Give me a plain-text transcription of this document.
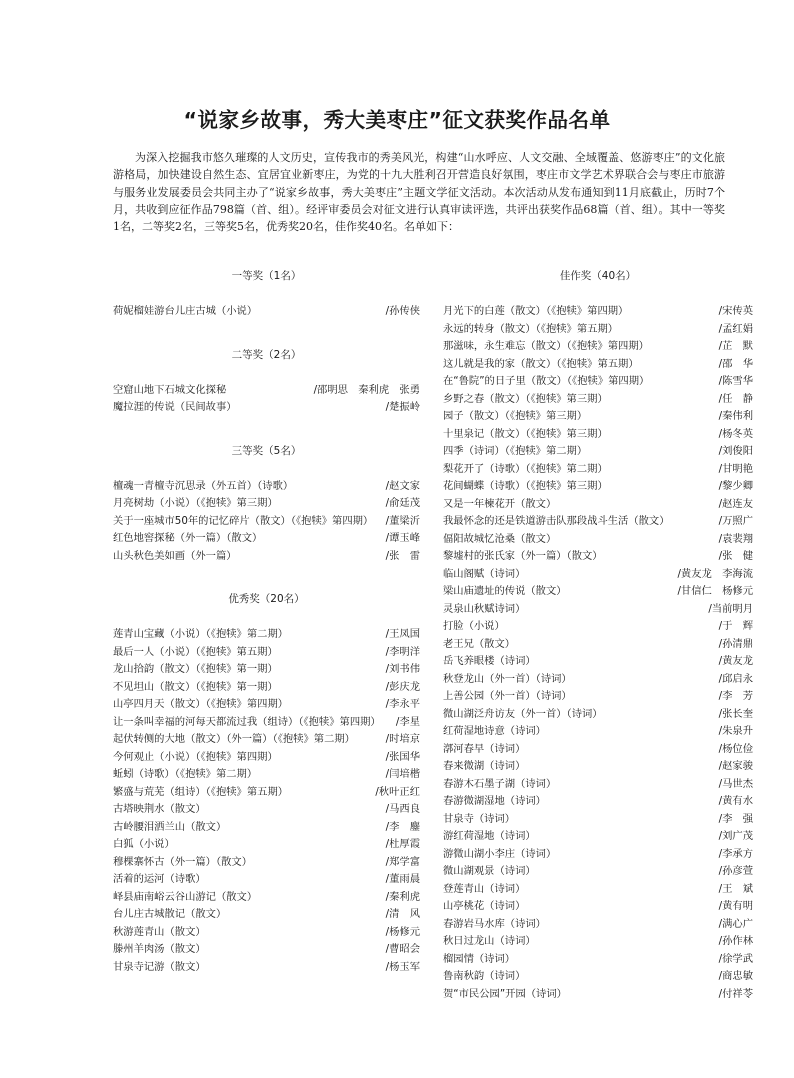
“说家乡故事，秀大美枣庄”征文获奖作品名单

为深入挖掘我市悠久璀璨的人文历史，宣传我市的秀美风光，构建“山水呼应、人文交融、全域覆盖、悠游枣庄”的文化旅游格局，加快建设自然生态、宜居宜业新枣庄，为党的十九大胜利召开营造良好氛围，枣庄市文学艺术界联合会与枣庄市旅游与服务业发展委员会共同主办了“说家乡故事，秀大美枣庄”主题文学征文活动。本次活动从发布通知到11月底截止，历时7个月，共收到应征作品798篇（首、组）。经评审委员会对征文进行认真审读评选，共评出获奖作品68篇（首、组）。其中一等奖1名，二等奖2名，三等奖5名，优秀奖20名，佳作奖40名。名单如下：

一等奖（1名）
荷妮榴娃游台儿庄古城（小说）	/孙传侠
二等奖（2名）
空窟山地下石城文化探秘	/邵明思　秦利虎　张勇
魔拉涯的传说（民间故事）	/楚振岭
三等奖（5名）
檀魂一青檀寺沉思录（外五首）（诗歌）	/赵文家
月亮树劫（小说）（《抱犊》第三期）	/俞廷茂
关于一座城市50年的记忆碎片（散文）（《抱犊》第四期） /董梁沂
红色地窖探秘（外一篇）（散文）	/谭玉峰
山头秋色美如画（外一篇）	/张　雷
优秀奖（20名）
莲青山宝藏（小说）（《抱犊》第二期）	/王凤国
最后一人（小说）（《抱犊》第五期）	/李明洋
龙山拾韵（散文）（《抱犊》第一期）	/刘书伟
不见坦山（散文）（《抱犊》第一期）	/彭庆龙
山亭四月天（散文）（《抱犊》第四期）	/李永平
让一条叫幸福的河每天都流过我（组诗）（《抱犊》第四期） /李星
起伏转侧的大地（散文）（外一篇）（《抱犊》第二期）	/时培京
今何观止（小说）（《抱犊》第四期）	/张国华
蚯蚓（诗歌）（《抱犊》第二期）	/闫培楷
繁盛与荒芜（组诗）（《抱犊》第五期）	/秋叶正红
古塔映荆水（散文）	/马西良
古岭腰泪洒兰山（散文）	/李　鏖
白狐（小说）	/杜厚霞
穆棵寨怀古（外一篇）（散文）	/郑学富
活着的运河（诗歌）	/董雨晨
峄县庙南峪云谷山游记（散文）	/秦利虎
台儿庄古城散记（散文）	/清　风
秋游莲青山（散文）	/杨修元
滕州羊肉汤（散文）	/曹昭会
甘泉寺记游（散文）	/杨玉军
佳作奖（40名）
月光下的白莲（散文）（《抱犊》第四期）	/宋传英
永远的转身（散文）（《抱犊》第五期）	/孟红娟
那滋味，永生难忘（散文）（《抱犊》第四期）	/芷　默
这儿就是我的家（散文）（《抱犊》第五期）	/邵　华
在“鲁院”的日子里（散文）（《抱犊》第四期）	/陈雪华
乡野之春（散文）（《抱犊》第三期）	/任　静
园子（散文）（《抱犊》第三期）	/秦伟利
十里泉记（散文）（《抱犊》第三期）	/杨冬英
四季（诗词）（《抱犊》第二期）	/刘俊阳
梨花开了（诗歌）（《抱犊》第二期）	/甘明艳
花间蝴蝶（诗歌）（《抱犊》第三期）	/黎少卿
又是一年楝花开（散文）	/赵连友
我最怀念的还是铁道游击队那段战斗生活（散文）	/万照广
偪阳故城忆沧桑（散文）	/袁裴翔
黎墟村的张氏家（外一篇）（散文）	/张　健
临山阁赋（诗词）	/黄友龙　李海流
梁山庙遗址的传说（散文）	/甘信仁　杨修元
灵泉山秋赋诗词）	/当前明月
打脸（小说）	/于　辉
老王兄（散文）	/孙清鼎
岳飞养眼楼（诗词）	/黄友龙
秋登龙山（外一首）（诗词）	/邱启永
上善公园（外一首）（诗词）	/李　芳
微山湖泛舟访友（外一首）（诗词）	/张长奎
红荷湿地诗意（诗词）	/朱泉升
漷河春早（诗词）	/杨位俭
春来微湖（诗词）	/赵家骏
春游木石墨子湖（诗词）	/马世杰
春游微湖湿地（诗词）	/黄有水
甘泉寺（诗词）	/李　强
游红荷湿地（诗词）	/刘广茂
游微山湖小李庄（诗词）	/李承方
微山湖观景（诗词）	/孙彦萱
登莲青山（诗词）	/王　斌
山亭桃花（诗词）	/黄有明
春游岩马水库（诗词）	/满心广
秋日过龙山（诗词）	/孙作林
榴园情（诗词）	/徐学武
鲁南秋韵（诗词）	/商忠敏
贺“市民公园”开园（诗词）	/付祥苓
